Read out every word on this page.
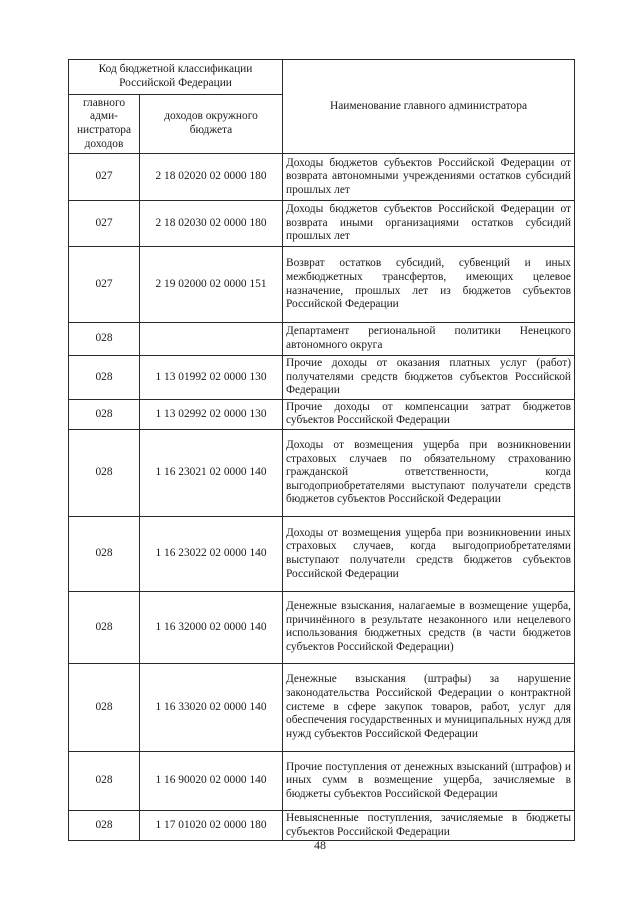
Код бюджетной классификации Российской Федерации		Наименование главного администратора
главного адми-нистратора доходов	доходов окружного бюджета	
027	2 18 02020 02 0000 180	Доходы бюджетов субъектов Российской Федерации от возврата автономными учреждениями остатков субсидий прошлых лет
027	2 18 02030 02 0000 180	Доходы бюджетов субъектов Российской Федерации от возврата иными организациями остатков субсидий прошлых лет
027	2 19 02000 02 0000 151	Возврат остатков субсидий, субвенций и иных межбюджетных трансфертов, имеющих целевое назначение, прошлых лет из бюджетов субъектов Российской Федерации
028		Департамент региональной политики Ненецкого автономного округа
028	1 13 01992 02 0000 130	Прочие доходы от оказания платных услуг (работ) получателями средств бюджетов субъектов Российской Федерации
028	1 13 02992 02 0000 130	Прочие доходы от компенсации затрат бюджетов субъектов Российской Федерации
028	1 16 23021 02 0000 140	Доходы от возмещения ущерба при возникновении страховых случаев по обязательному страхованию гражданской ответственности, когда выгодоприобретателями выступают получатели средств бюджетов субъектов Российской Федерации
028	1 16 23022 02 0000 140	Доходы от возмещения ущерба при возникновении иных страховых случаев, когда выгодоприобретателями выступают получатели средств бюджетов субъектов Российской Федерации
028	1 16 32000 02 0000 140	Денежные взыскания, налагаемые в возмещение ущерба, причинённого в результате незаконного или нецелевого использования бюджетных средств (в части бюджетов субъектов Российской Федерации)
028	1 16 33020 02 0000 140	Денежные взыскания (штрафы) за нарушение законодательства Российской Федерации о контрактной системе в сфере закупок товаров, работ, услуг для обеспечения государственных и муниципальных нужд для нужд субъектов Российской Федерации
028	1 16 90020 02 0000 140	Прочие поступления от денежных взысканий (штрафов) и иных сумм в возмещение ущерба, зачисляемые в бюджеты субъектов Российской Федерации
028	1 17 01020 02 0000 180	Невыясненные поступления, зачисляемые в бюджеты субъектов Российской Федерации
48
